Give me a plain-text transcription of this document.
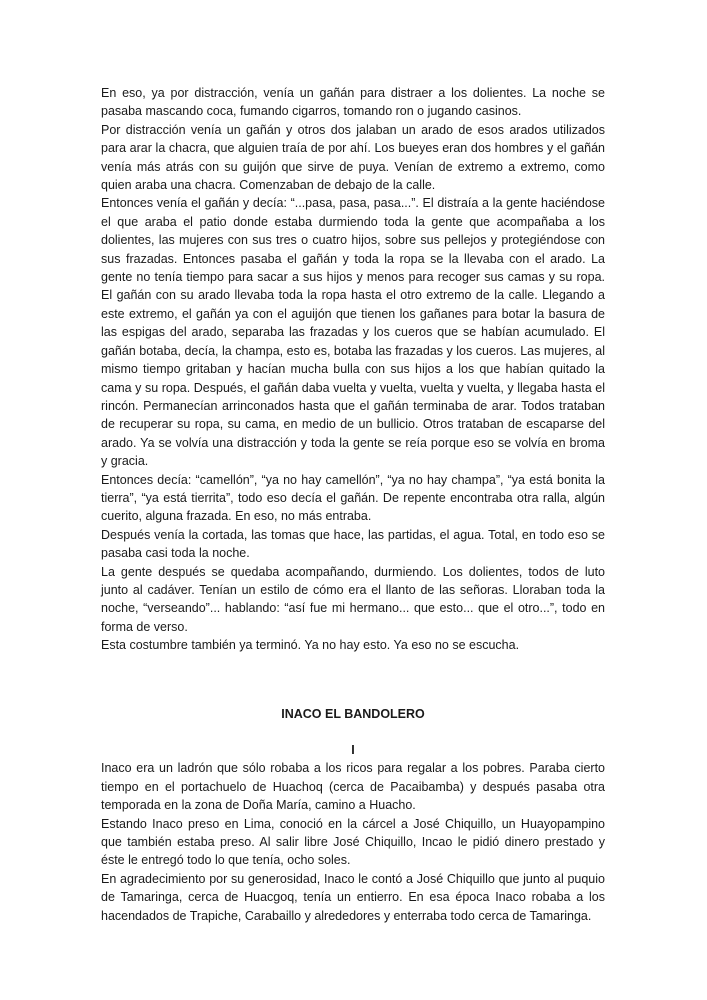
En eso, ya por distracción, venía un gañán para distraer a los dolientes. La noche se pasaba mascando coca, fumando cigarros, tomando ron o jugando casinos.

Por distracción venía un gañán y otros dos jalaban un arado de esos arados utilizados para arar la chacra, que alguien traía de por ahí. Los bueyes eran dos hombres y el gañán venía más atrás con su guijón que sirve de puya. Venían de extremo a extremo, como quien araba una chacra. Comenzaban de debajo de la calle.

Entonces venía el gañán y decía: “...pasa, pasa, pasa...”. El distraía a la gente haciéndose el que araba el patio donde estaba durmiendo toda la gente que acompañaba a los dolientes, las mujeres con sus tres o cuatro hijos, sobre sus pellejos y protegiéndose con sus frazadas. Entonces pasaba el gañán y toda la ropa se la llevaba con el arado. La gente no tenía tiempo para sacar a sus hijos y menos para recoger sus camas y su ropa. El gañán con su arado llevaba toda la ropa hasta el otro extremo de la calle. Llegando a este extremo, el gañán ya con el aguijón que tienen los gañanes para botar la basura de las espigas del arado, separaba las frazadas y los cueros que se habían acumulado. El gañán botaba, decía, la champa, esto es, botaba las frazadas y los cueros. Las mujeres, al mismo tiempo gritaban y hacían mucha bulla con sus hijos a los que habían quitado la cama y su ropa. Después, el gañán daba vuelta y vuelta, vuelta y vuelta, y llegaba hasta el rincón. Permanecían arrinconados hasta que el gañán terminaba de arar. Todos trataban de recuperar su ropa, su cama, en medio de un bullicio. Otros trataban de escaparse del arado. Ya se volvía una distracción y toda la gente se reía porque eso se volvía en broma y gracia.

Entonces decía: “camellón”, “ya no hay camellón”, “ya no hay champa”, “ya está bonita la tierra”, “ya está tierrita”, todo eso decía el gañán. De repente encontraba otra ralla, algún cuerito, alguna frazada. En eso, no más entraba.

Después venía la cortada, las tomas que hace, las partidas, el agua. Total, en todo eso se pasaba casi toda la noche.

La gente después se quedaba acompañando, durmiendo. Los dolientes, todos de luto junto al cadáver. Tenían un estilo de cómo era el llanto de las señoras. Lloraban toda la noche, “verseando”... hablando: “así fue mi hermano... que esto... que el otro...”, todo en forma de verso.

Esta costumbre también ya terminó. Ya no hay esto. Ya eso no se escucha.

INACO EL BANDOLERO
I

Inaco era un ladrón que sólo robaba a los ricos para regalar a los pobres. Paraba cierto tiempo en el portachuelo de Huachoq (cerca de Pacaibamba) y después pasaba otra temporada en la zona de Doña María, camino a Huacho.

Estando Inaco preso en Lima, conoció en la cárcel a José Chiquillo, un Huayopampino que también estaba preso. Al salir libre José Chiquillo, Incao le pidió dinero prestado y éste le entregó todo lo que tenía, ocho soles.

En agradecimiento por su generosidad, Inaco le contó a José Chiquillo que junto al puquio de Tamaringa, cerca de Huacgoq, tenía un entierro. En esa época Inaco robaba a los hacendados de Trapiche, Carabaillo y alrededores y enterraba todo cerca de Tamaringa.
